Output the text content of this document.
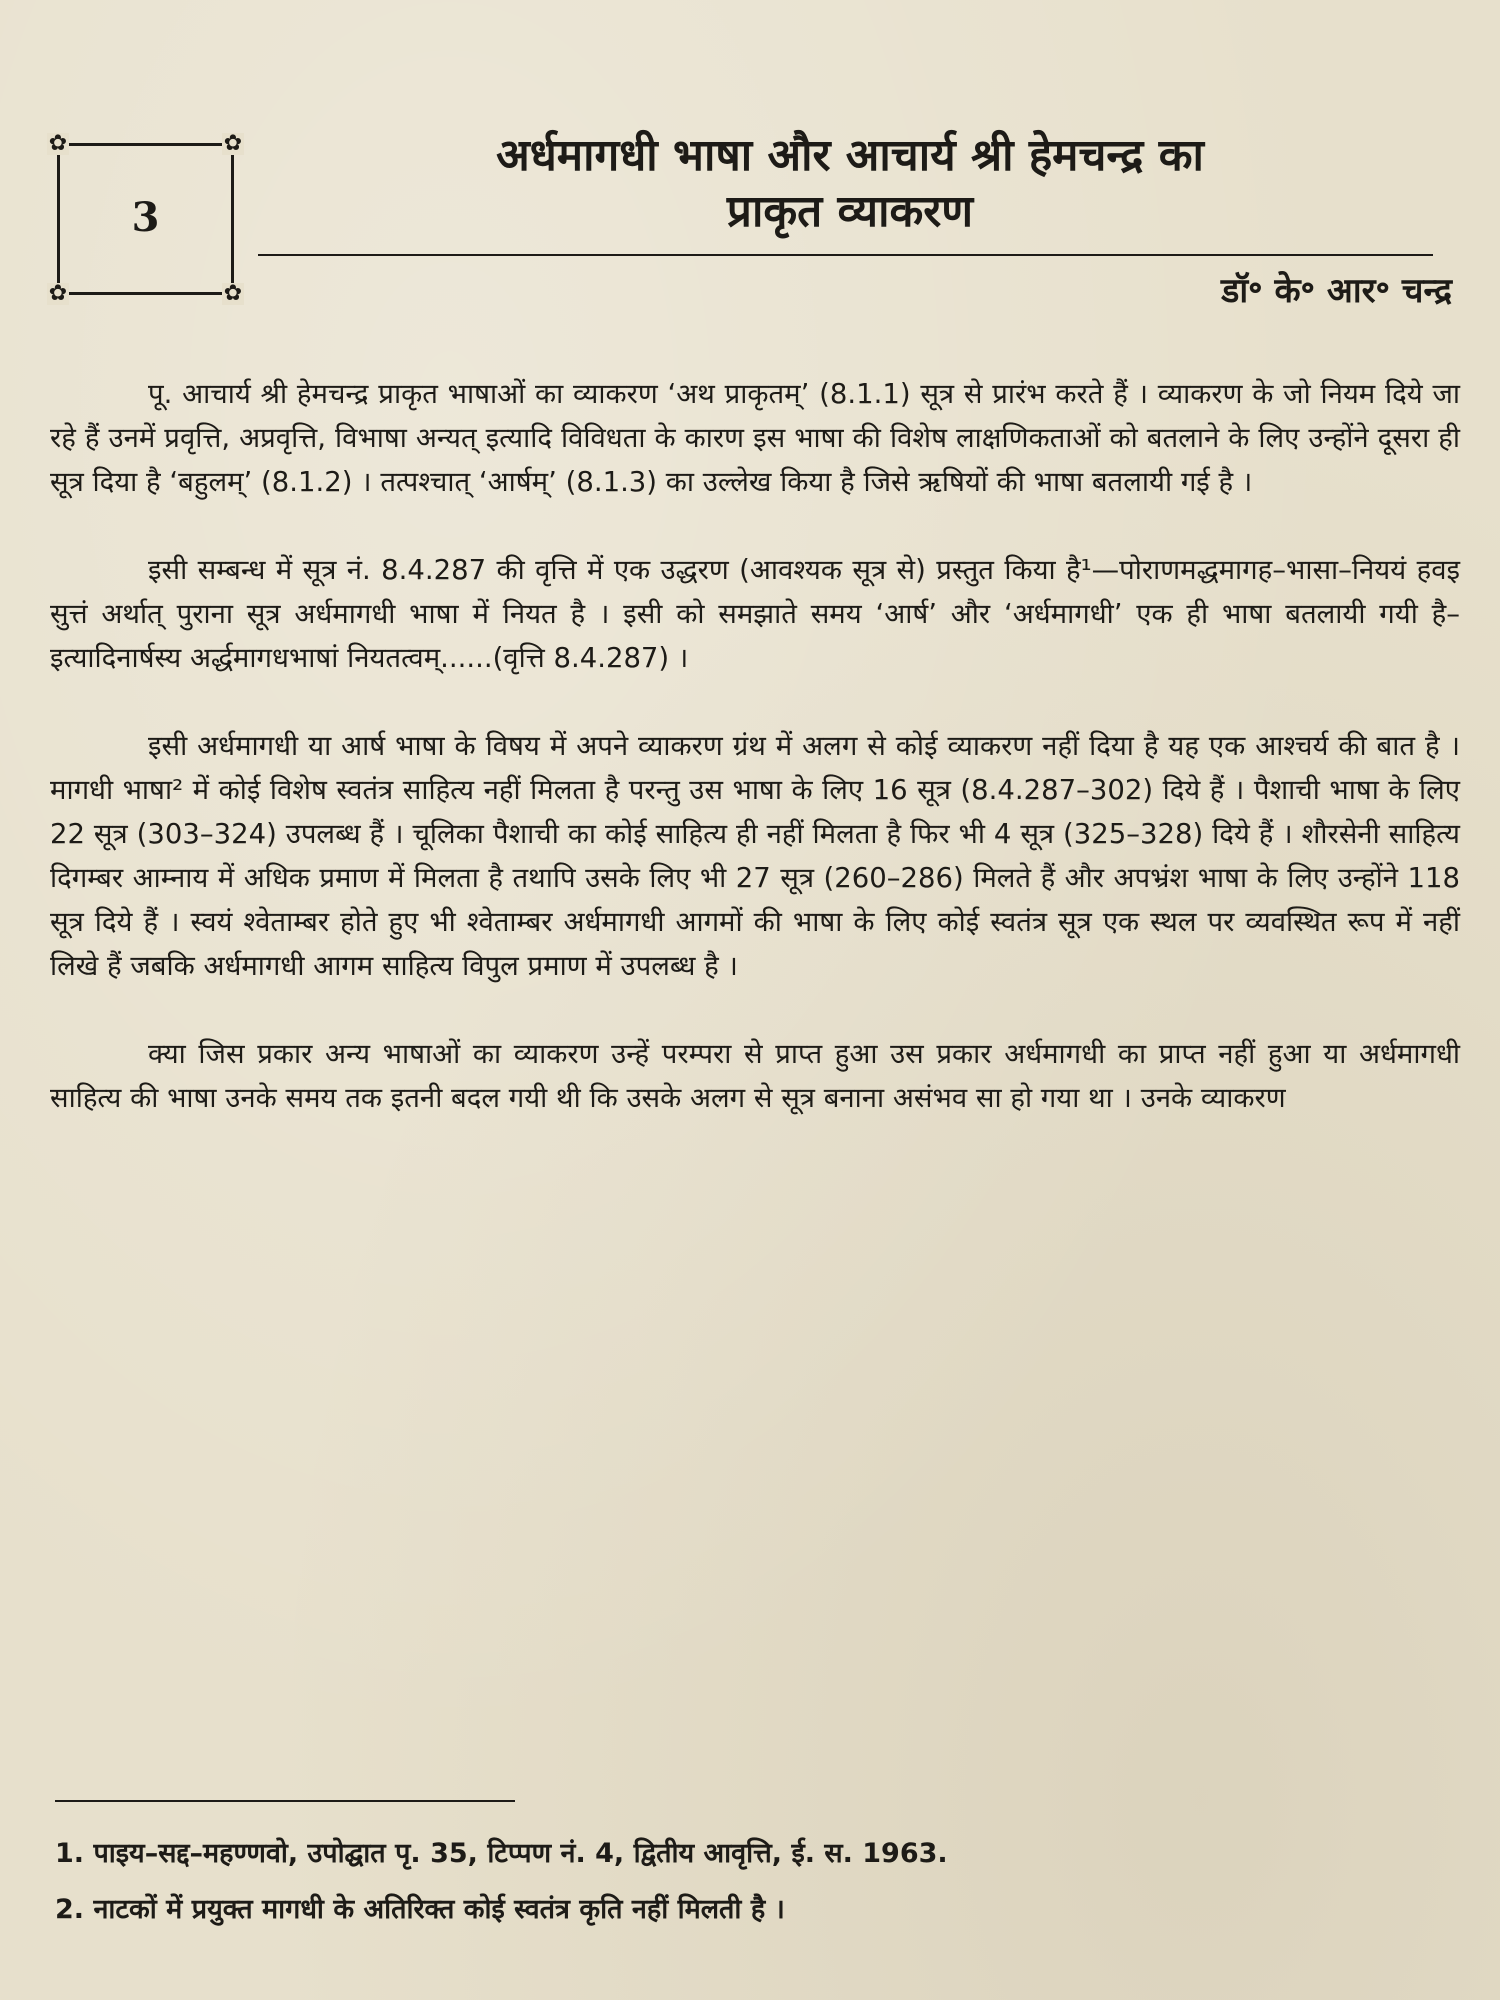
✿	✿
✿	✿
3
अर्धमागधी भाषा और आचार्य श्री हेमचन्द्र का
प्राकृत व्याकरण
डॉ॰ के॰ आर॰ चन्द्र

पू. आचार्य श्री हेमचन्द्र प्राकृत भाषाओं का व्याकरण ‘अथ प्राकृतम्’ (8.1.1) सूत्र से प्रारंभ करते हैं । व्याकरण के जो नियम दिये जा रहे हैं उनमें प्रवृत्ति, अप्रवृत्ति, विभाषा अन्यत् इत्यादि विविधता के कारण इस भाषा की विशेष लाक्षणिकताओं को बतलाने के लिए उन्होंने दूसरा ही सूत्र दिया है ‘बहुलम्’ (8.1.2) । तत्पश्चात् ‘आर्षम्’ (8.1.3) का उल्लेख किया है जिसे ऋषियों की भाषा बतलायी गई है ।

इसी सम्बन्ध में सूत्र नं. 8.4.287 की वृत्ति में एक उद्धरण (आवश्यक सूत्र से) प्रस्तुत किया है¹—पोराणमद्धमागह–भासा–निययं हवइ सुत्तं अर्थात् पुराना सूत्र अर्धमागधी भाषा में नियत है । इसी को समझाते समय ‘आर्ष’ और ‘अर्धमागधी’ एक ही भाषा बतलायी गयी है–इत्यादिनार्षस्य अर्द्धमागधभाषां नियतत्वम्......(वृत्ति 8.4.287) ।

इसी अर्धमागधी या आर्ष भाषा के विषय में अपने व्याकरण ग्रंथ में अलग से कोई व्याकरण नहीं दिया है यह एक आश्चर्य की बात है । मागधी भाषा² में कोई विशेष स्वतंत्र साहित्य नहीं मिलता है परन्तु उस भाषा के लिए 16 सूत्र (8.4.287–302) दिये हैं । पैशाची भाषा के लिए 22 सूत्र (303–324) उपलब्ध हैं । चूलिका पैशाची का कोई साहित्य ही नहीं मिलता है फिर भी 4 सूत्र (325–328) दिये हैं । शौरसेनी साहित्य दिगम्बर आम्नाय में अधिक प्रमाण में मिलता है तथापि उसके लिए भी 27 सूत्र (260–286) मिलते हैं और अपभ्रंश भाषा के लिए उन्होंने 118 सूत्र दिये हैं । स्वयं श्वेताम्बर होते हुए भी श्वेताम्बर अर्धमागधी आगमों की भाषा के लिए कोई स्वतंत्र सूत्र एक स्थल पर व्यवस्थित रूप में नहीं लिखे हैं जबकि अर्धमागधी आगम साहित्य विपुल प्रमाण में उपलब्ध है ।

क्या जिस प्रकार अन्य भाषाओं का व्याकरण उन्हें परम्परा से प्राप्त हुआ उस प्रकार अर्धमागधी का प्राप्त नहीं हुआ या अर्धमागधी साहित्य की भाषा उनके समय तक इतनी बदल गयी थी कि उसके अलग से सूत्र बनाना असंभव सा हो गया था । उनके व्याकरण

1. पाइय–सद्द–महण्णवो, उपोद्घात पृ. 35, टिप्पण नं. 4, द्वितीय आवृत्ति, ई. स. 1963.

2. नाटकों में प्रयुक्त मागधी के अतिरिक्त कोई स्वतंत्र कृति नहीं मिलती है ।
